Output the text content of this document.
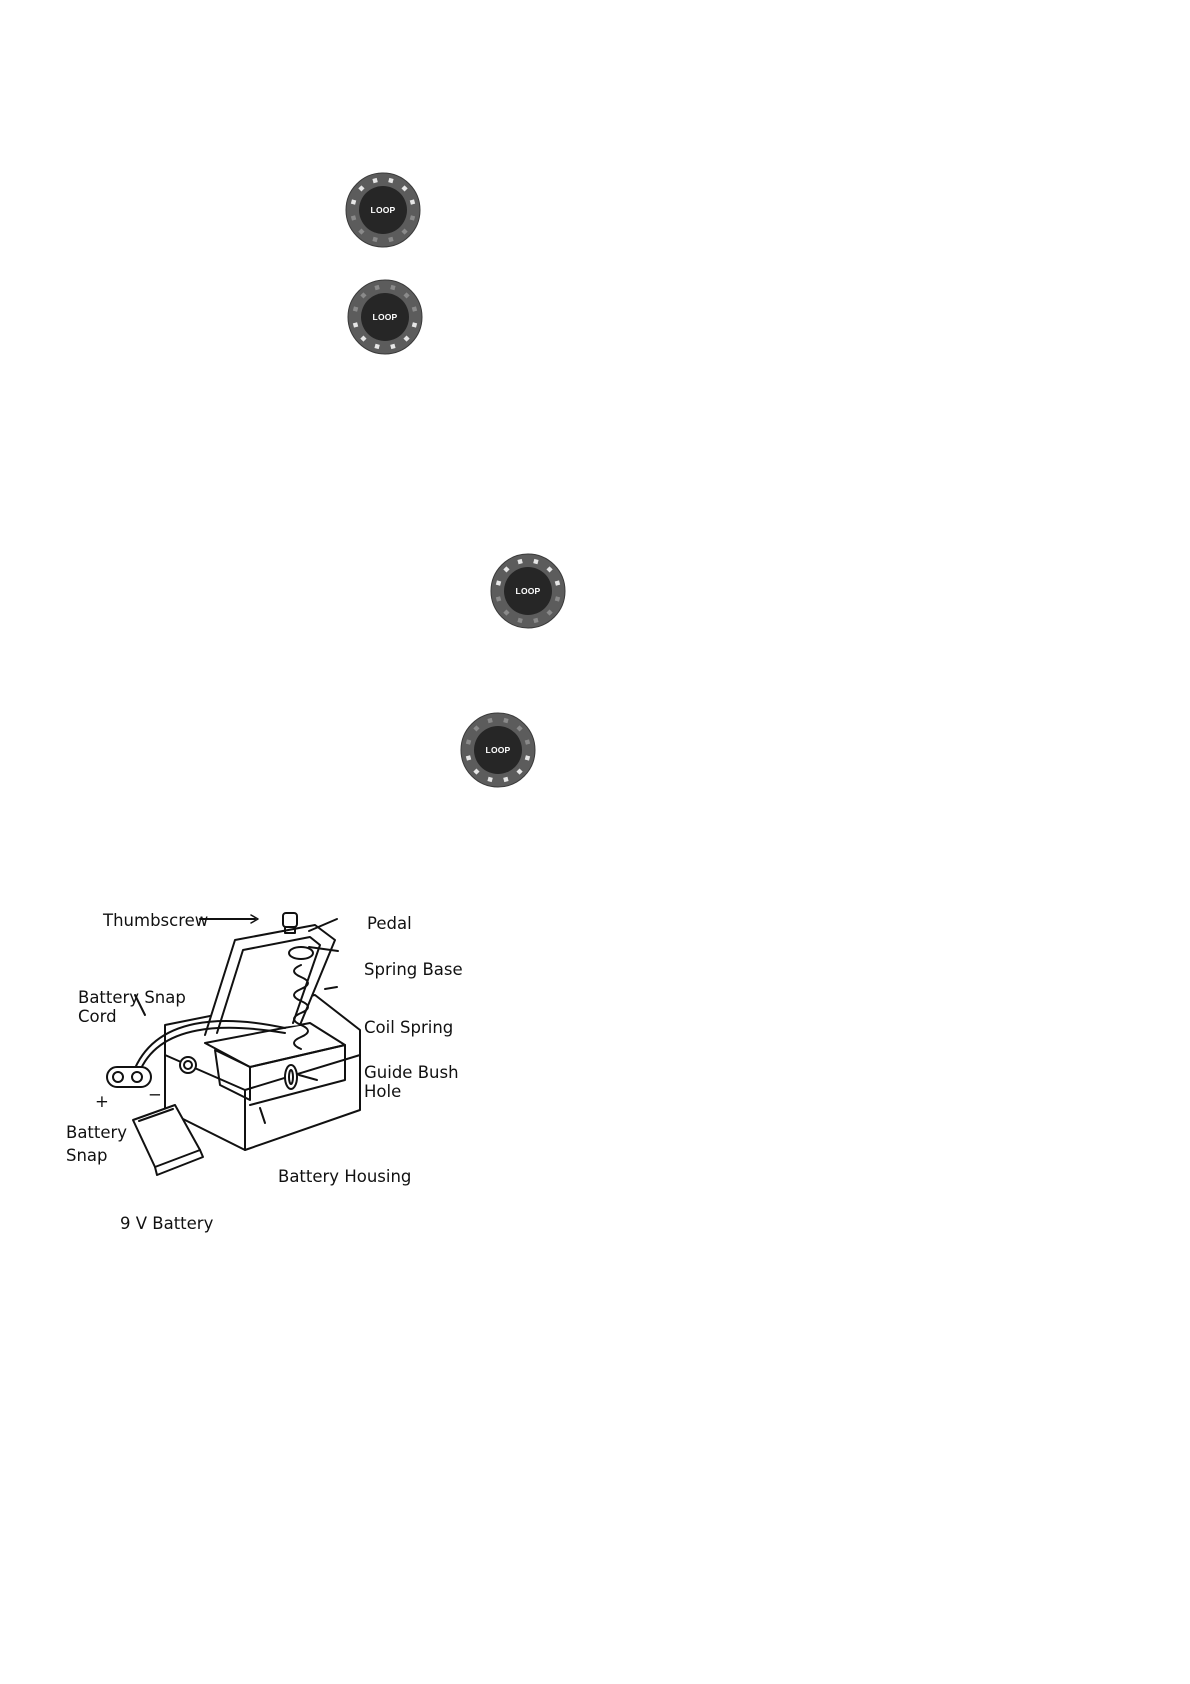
LOOP
LOOP
LOOP
LOOP
Thumbscrew	Pedal
Spring Base
Battery Snap
Cord
Coil Spring
Guide Bush
Hole
+ −
Battery
Snap
Battery Housing
9 V Battery
